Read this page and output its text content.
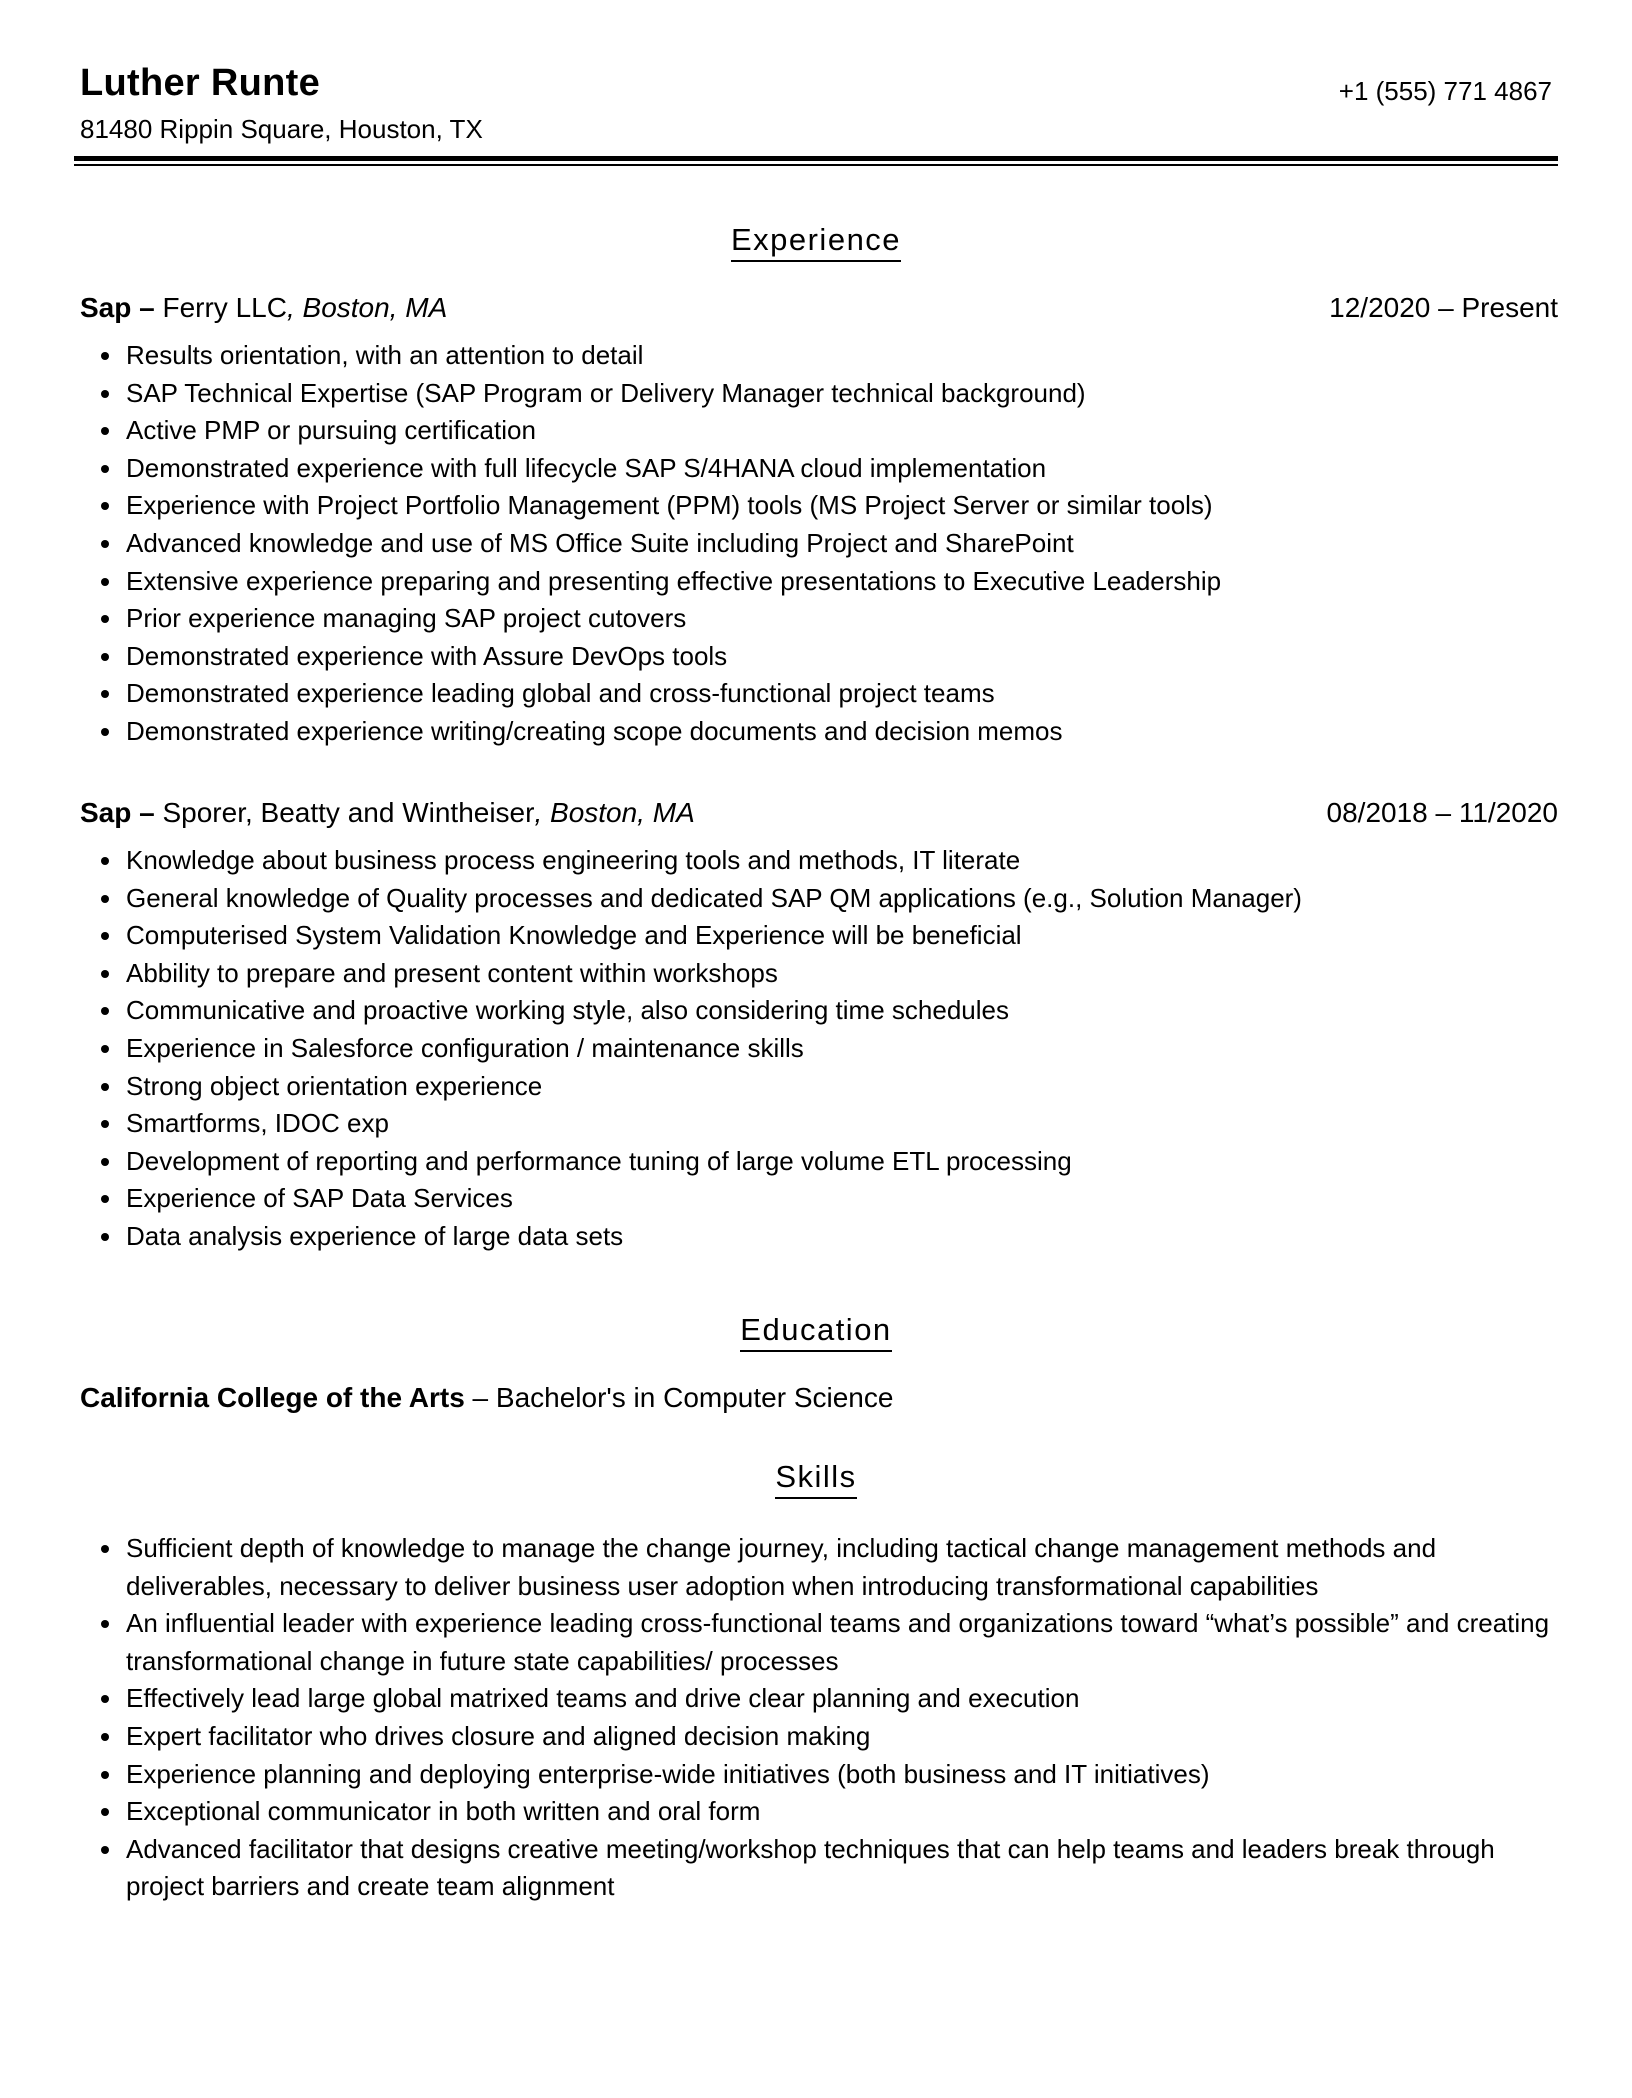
Luther Runte	+1 (555) 771 4867
81480 Rippin Square, Houston, TX
Experience
Sap – Ferry LLC, Boston, MA	12/2020 – Present
Results orientation, with an attention to detail
SAP Technical Expertise (SAP Program or Delivery Manager technical background)
Active PMP or pursuing certification
Demonstrated experience with full lifecycle SAP S/4HANA cloud implementation
Experience with Project Portfolio Management (PPM) tools (MS Project Server or similar tools)
Advanced knowledge and use of MS Office Suite including Project and SharePoint
Extensive experience preparing and presenting effective presentations to Executive Leadership
Prior experience managing SAP project cutovers
Demonstrated experience with Assure DevOps tools
Demonstrated experience leading global and cross-functional project teams
Demonstrated experience writing/creating scope documents and decision memos
Sap – Sporer, Beatty and Wintheiser, Boston, MA	08/2018 – 11/2020
Knowledge about business process engineering tools and methods, IT literate
General knowledge of Quality processes and dedicated SAP QM applications (e.g., Solution Manager)
Computerised System Validation Knowledge and Experience will be beneficial
Abbility to prepare and present content within workshops
Communicative and proactive working style, also considering time schedules
Experience in Salesforce configuration / maintenance skills
Strong object orientation experience
Smartforms, IDOC exp
Development of reporting and performance tuning of large volume ETL processing
Experience of SAP Data Services
Data analysis experience of large data sets
Education
California College of the Arts – Bachelor's in Computer Science
Skills
Sufficient depth of knowledge to manage the change journey, including tactical change management methods and deliverables, necessary to deliver business user adoption when introducing transformational capabilities
An influential leader with experience leading cross-functional teams and organizations toward “what’s possible” and creating transformational change in future state capabilities/ processes
Effectively lead large global matrixed teams and drive clear planning and execution
Expert facilitator who drives closure and aligned decision making
Experience planning and deploying enterprise-wide initiatives (both business and IT initiatives)
Exceptional communicator in both written and oral form
Advanced facilitator that designs creative meeting/workshop techniques that can help teams and leaders break through project barriers and create team alignment
